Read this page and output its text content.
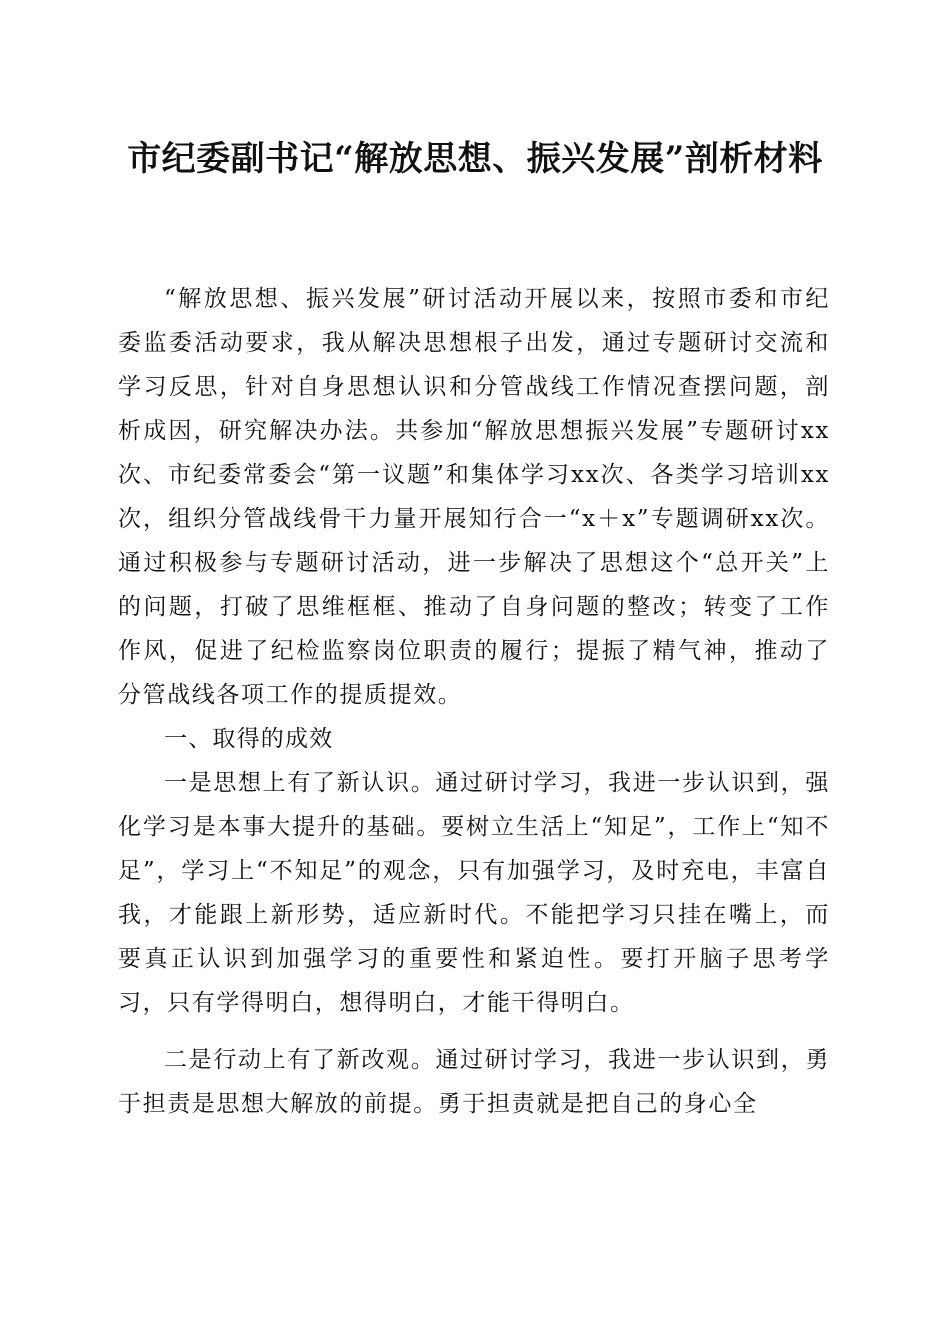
市纪委副书记“解放思想、振兴发展”剖析材料

“解放思想、振兴发展”研讨活动开展以来，按照市委和市纪委监委活动要求，我从解决思想根子出发，通过专题研讨交流和学习反思，针对自身思想认识和分管战线工作情况查摆问题，剖析成因，研究解决办法。共参加“解放思想振兴发展”专题研讨xx次、市纪委常委会“第一议题”和集体学习xx次、各类学习培训xx次，组织分管战线骨干力量开展知行合一“x＋x”专题调研xx次。通过积极参与专题研讨活动，进一步解决了思想这个“总开关”上的问题，打破了思维框框、推动了自身问题的整改；转变了工作作风，促进了纪检监察岗位职责的履行；提振了精气神，推动了分管战线各项工作的提质提效。

一、取得的成效

一是思想上有了新认识。通过研讨学习，我进一步认识到，强化学习是本事大提升的基础。要树立生活上“知足”，工作上“知不足”，学习上“不知足”的观念，只有加强学习，及时充电，丰富自我，才能跟上新形势，适应新时代。不能把学习只挂在嘴上，而要真正认识到加强学习的重要性和紧迫性。要打开脑子思考学习，只有学得明白，想得明白，才能干得明白。

二是行动上有了新改观。通过研讨学习，我进一步认识到，勇于担责是思想大解放的前提。勇于担责就是把自己的身心全
